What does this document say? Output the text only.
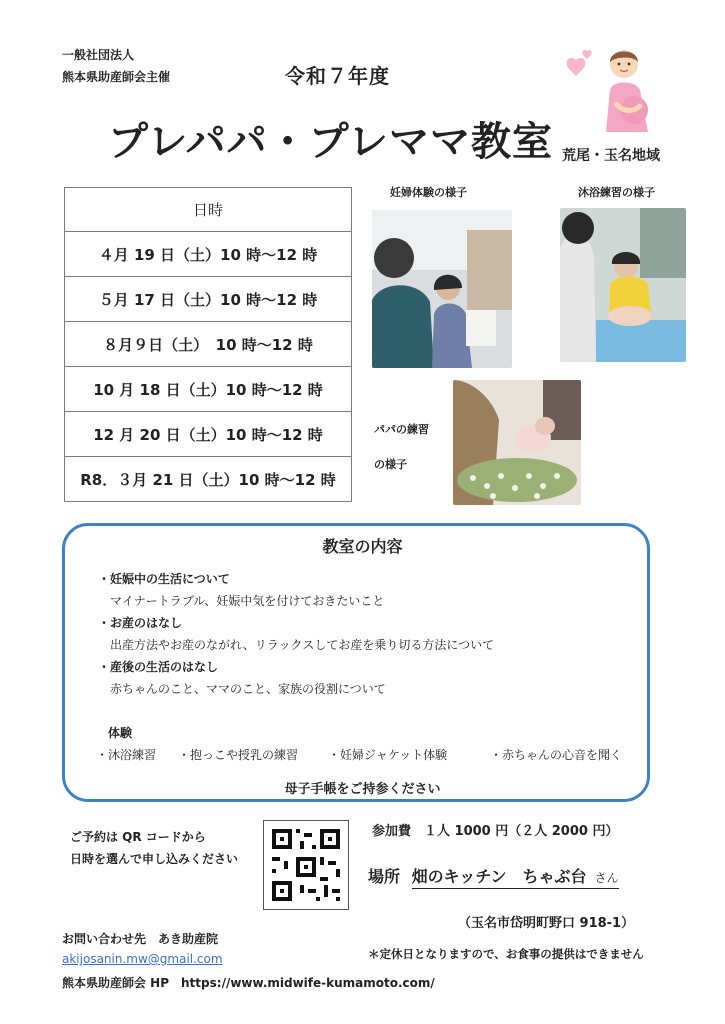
一般社団法人
熊本県助産師会主催	令和７年度
プレパパ・プレママ教室 荒尾・玉名地域
日時
４月 19 日（土）10 時～12 時
５月 17 日（土）10 時～12 時
８月９日（土）　10 時～12 時
10 月 18 日（土）10 時～12 時
12 月 20 日（土）10 時～12 時
R8．３月 21 日（土）10 時～12 時
妊婦体験の様子	沐浴練習の様子
パパの練習
の様子
教室の内容
・妊娠中の生活について
マイナートラブル、妊娠中気を付けておきたいこと
・お産のはなし
出産方法やお産のながれ、リラックスしてお産を乗り切る方法について
・産後の生活のはなし
赤ちゃんのこと、ママのこと、家族の役割について
体験
・沐浴練習 ・抱っこや授乳の練習 ・妊婦ジャケット体験	・赤ちゃんの心音を聞く
母子手帳をご持参ください
ご予約は QR コードから
日時を選んで申し込みください
参加費　１人 1000 円（２人 2000 円）
場所 畑のキッチン　ちゃぶ台 さん
（玉名市岱明町野口 918-1）
＊定休日となりますので、お食事の提供はできません
お問い合わせ先　あき助産院
akijosanin.mw@gmail.com
熊本県助産師会 HP　https://www.midwife-kumamoto.com/
